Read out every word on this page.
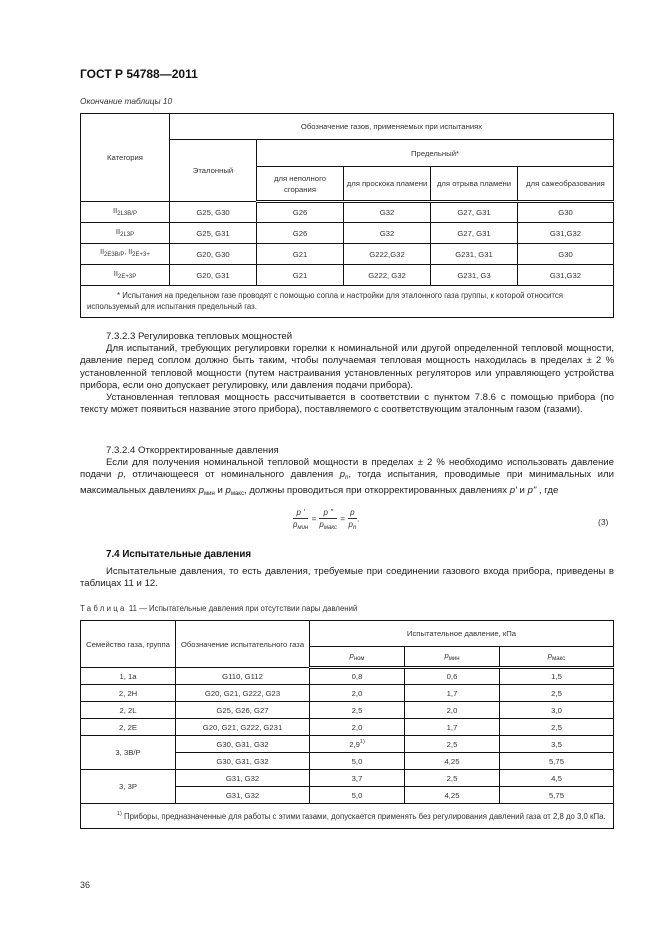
ГОСТ Р 54788—2011
Окончание таблицы 10
Категория	Обозначение газов, применяемых при испытаниях				
	Эталонный	Предельный*			
		для неполного сгорания	для проскока пламени	для отрыва пламени	для сажеобразования
$II_{2L3B/P}$	G25, G30	G26	G32	G27, G31	G30
$II_{2L3P}$	G25, G31	G26	G32	G27, G31	G31,G32
$II_{2E3B/P}$, $II_{2E+3+}$	G20, G30	G21	G222,G32	G231, G31	G30
$II_{2E+3P}$	G20, G31	G21	G222, G32	G231, G3	G31,G32
* Испытания на предельном газе проводят с помощью сопла и настройки для эталонного газа группы, к которой относится используемый для испытания предельный газ.					
7.3.2.3 Регулировка тепловых мощностей
Для испытаний, требующих регулировки горелки к номинальной или другой определенной тепловой мощности, давление перед соплом должно быть таким, чтобы получаемая тепловая мощность находилась в пределах ± 2 % установленной тепловой мощности (путем настраивания установленных регуляторов или управляющего устройства прибора, если оно допускает регулировку, или давления подачи прибора).
Установленная тепловая мощность рассчитывается в соответствии с пунктом 7.8.6 с помощью прибора (по тексту может появиться название этого прибора), поставляемого с соответствующим эталонным газом (газами).
7.3.2.4 Откорректированные давления
Если для получения номинальной тепловой мощности в пределах ± 2 % необходимо использовать давление подачи p, отличающееся от номинального давления $p_n$, тогда испытания, проводимые при минимальных или максимальных давлениях $p_{мин}$ и $p_{макс}$, должны проводиться при откорректированных давлениях p' и p" , где
$\frac{p '}{p_{мин}} = \frac{p "}{p_{макс}} = \frac{p}{p_n}$ .	(3)
7.4 Испытательные давления
Испытательные давления, то есть давления, требуемые при соединении газового входа прибора, приведены в таблицах 11 и 12.
Таблица 11 — Испытательные давления при отсутствии пары давлений
Семейство газа, группа	Обозначение испытательного газа	Испытательное давление, кПа		
		$p_{ном}$	$p_{мин}$	$p_{макс}$
1, 1a	G110, G112	0,8	0,6	1,5
2, 2H	G20, G21, G222, G23	2,0	1,7	2,5
2, 2L	G25, G26, G27	2,5	2,0	3,0
2, 2E	G20, G21, G222, G231	2,0	1,7	2,5
3, 3B/P	G30, G31, G32	2,9$^{1)}$	2,5	3,5
	G30, G31, G32	5,0	4,25	5,75
3, 3P	G31, G32	3,7	2,5	4,5
	G31, G32	5,0	4,25	5,75
$^{1)}$ Приборы, предназначенные для работы с этими газами, допускается применять без регулирования давлений газа от 2,8 до 3,0 кПа.				
36
